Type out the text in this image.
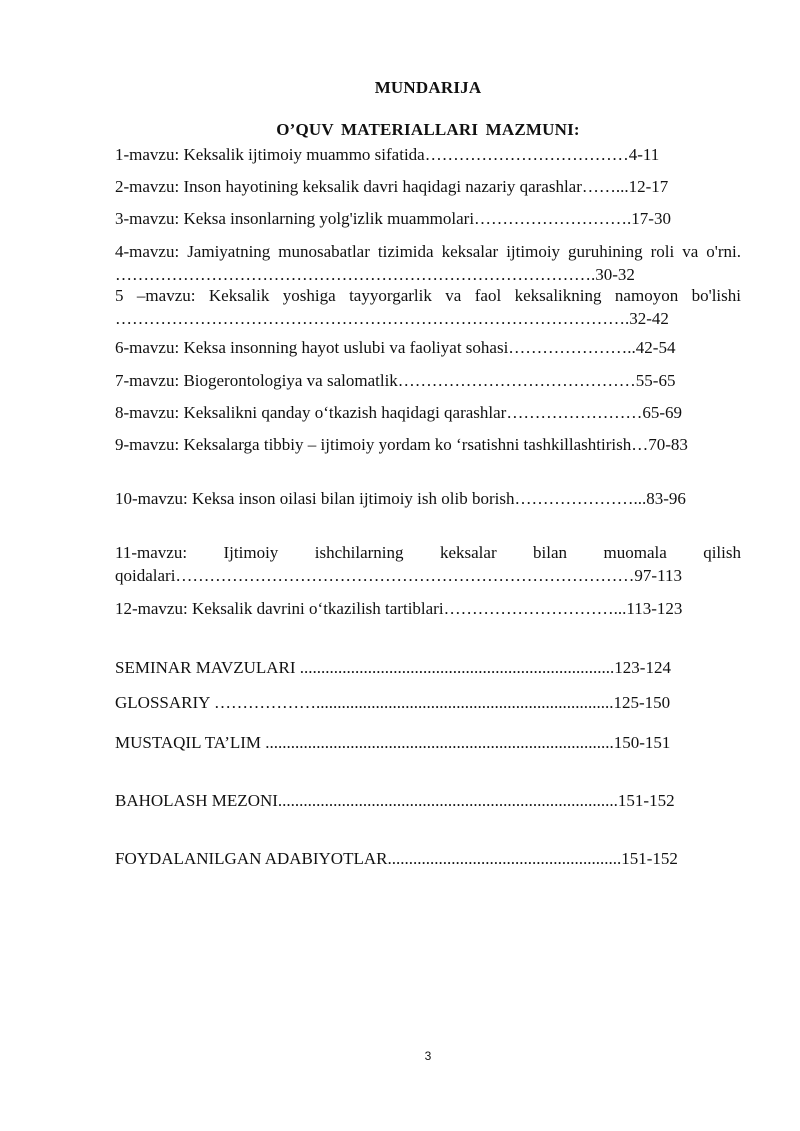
MUNDARIJA
O’QUV MATERIALLARI MAZMUNI:
1-mavzu: Keksalik ijtimoiy muammo sifatida………………………………4-11
2-mavzu: Inson hayotining keksalik davri haqidagi nazariy qarashlar……...12-17
3-mavzu: Keksa insonlarning yolg'izlik muammolari……………………….17-30
4-mavzu: Jamiyatning munosabatlar tizimida keksalar ijtimoiy guruhining roli va o'rni. ………………………………………………………………………….30-32
5 –mavzu: Keksalik yoshiga tayyorgarlik va faol keksalikning namoyon bo'lishi ……………………………………………………………………………….32-42
6-mavzu: Keksa insonning hayot uslubi va faoliyat sohasi…………………..42-54
7-mavzu: Biogerontologiya va salomatlik……………………………………55-65
8-mavzu: Keksalikni qanday o‘tkazish haqidagi qarashlar……………………65-69
9-mavzu: Keksalarga tibbiy – ijtimoiy yordam ko ‘rsatishni tashkillashtirish…70-83
10-mavzu: Keksa inson oilasi bilan ijtimoiy ish olib borish…………………...83-96
11-mavzu: Ijtimoiy ishchilarning keksalar bilan muomala qilish qoidalari………………………………………………………………………97-113
12-mavzu: Keksalik davrini o‘tkazilish tartiblari…………………………...113-123
SEMINAR MAVZULARI ..........................................................................123-124
GLOSSARIY ………………......................................................................125-150
MUSTAQIL TA’LIM ..................................................................................150-151
BAHOLASH MEZONI................................................................................151-152
FOYDALANILGAN ADABIYOTLAR.......................................................151-152
3
